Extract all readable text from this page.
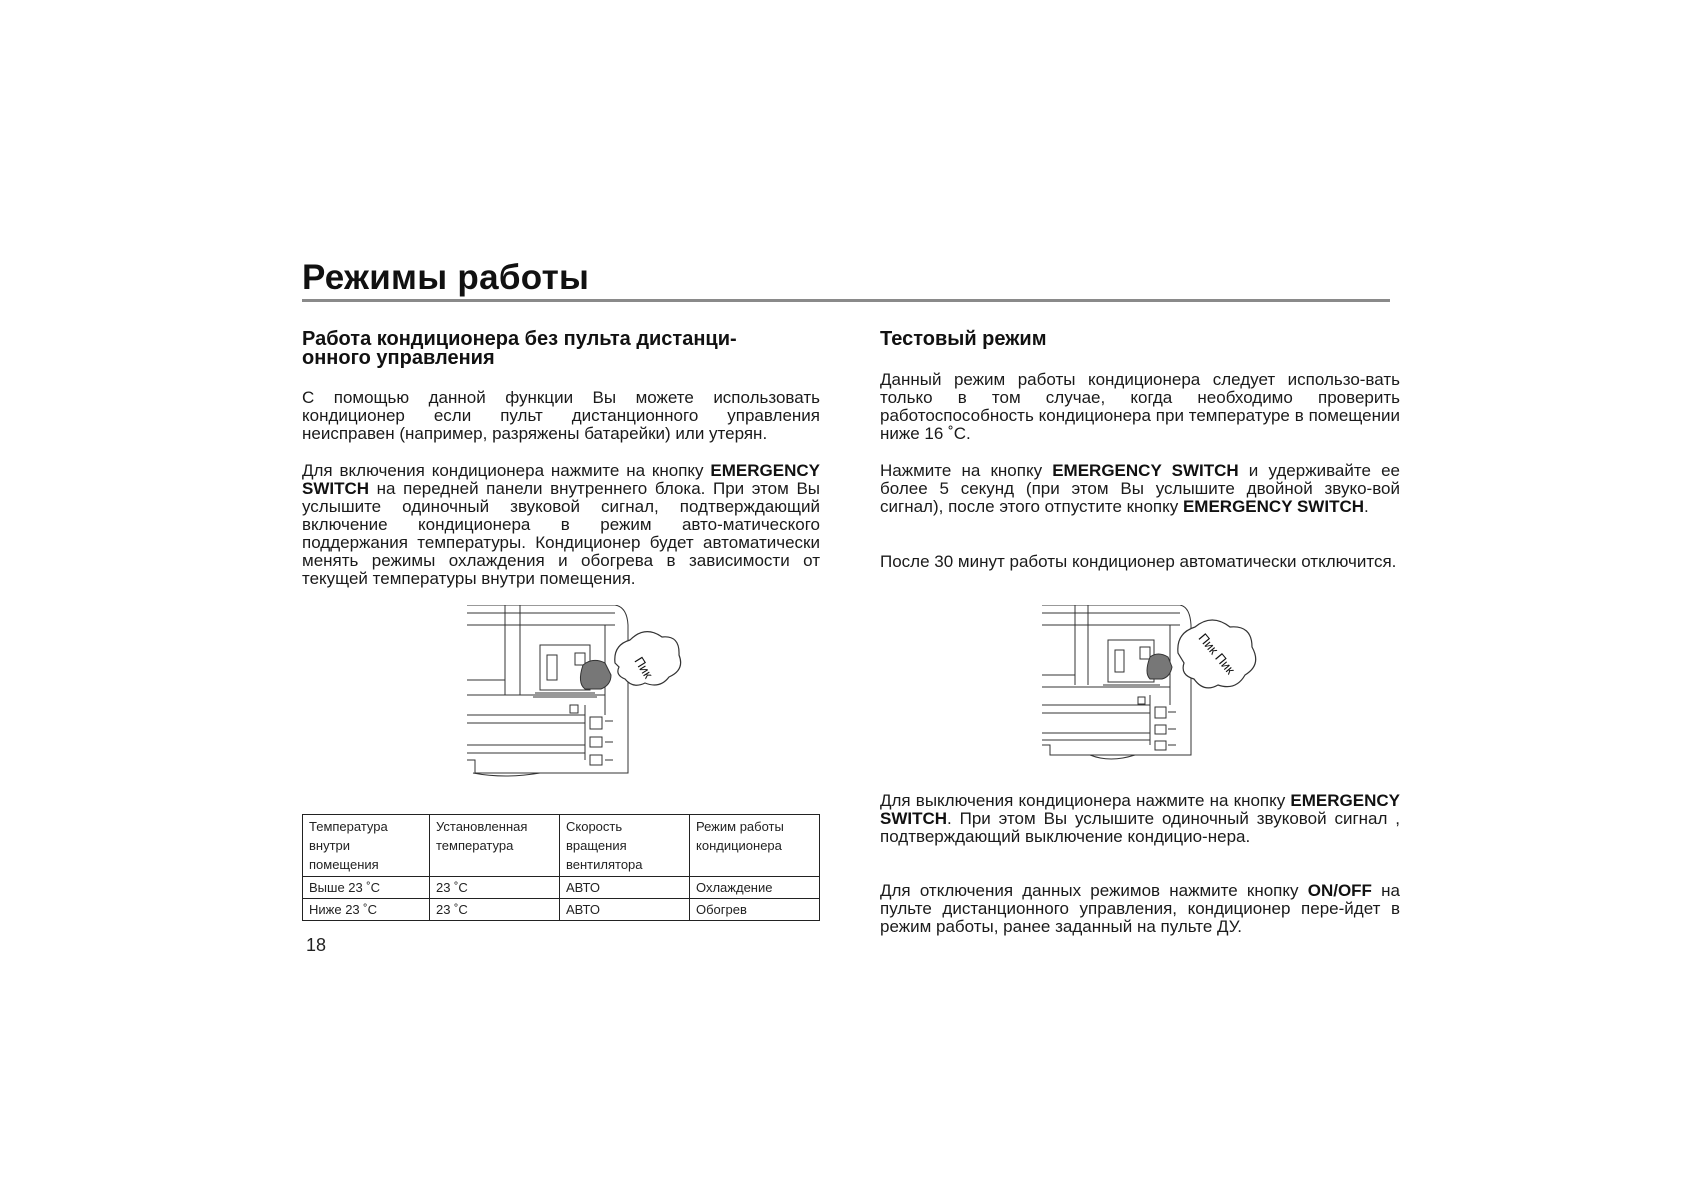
Режимы работы
Работа кондиционера без пульта дистанци-
онного управления

С помощью данной функции Вы можете использовать кондиционер если пульт дистанционного управления неисправен (например, разряжены батарейки) или утерян.

Для включения кондиционера нажмите на кнопку EMERGENCY SWITCH на передней панели внутреннего блока. При этом Вы услышите одиночный звуковой сигнал, подтверждающий включение кондиционера в режим авто-матического поддержания температуры. Кондиционер будет автоматически менять режимы охлаждения и обогрева в зависимости от текущей температуры внутри помещения.

Пик
Температура внутри помещения	Установленная температура	Скорость вращения вентилятора	Режим работы кондиционера
Выше 23 ˚С	23 ˚С	АВТО	Охлаждение
Ниже 23 ˚С	23 ˚С	АВТО	Обогрев
18
Тестовый режим

Данный режим работы кондиционера следует использо-вать только в том случае, когда необходимо проверить работоспособность кондиционера при температуре в помещении ниже 16 ˚С.

Нажмите на кнопку EMERGENCY SWITCH и удерживайте ее более 5 секунд (при этом Вы услышите двойной звуко-вой сигнал), после этого отпустите кнопку EMERGENCY SWITCH.

После 30 минут работы кондиционер автоматически отключится.

Для выключения кондиционера нажмите на кнопку EMERGENCY SWITCH. При этом Вы услышите одиночный звуковой сигнал , подтверждающий выключение кондицио-нера.

Для отключения данных режимов нажмите кнопку ON/OFF на пульте дистанционного управления, кондиционер пере-йдет в режим работы, ранее заданный на пульте ДУ.

Пик Пик
